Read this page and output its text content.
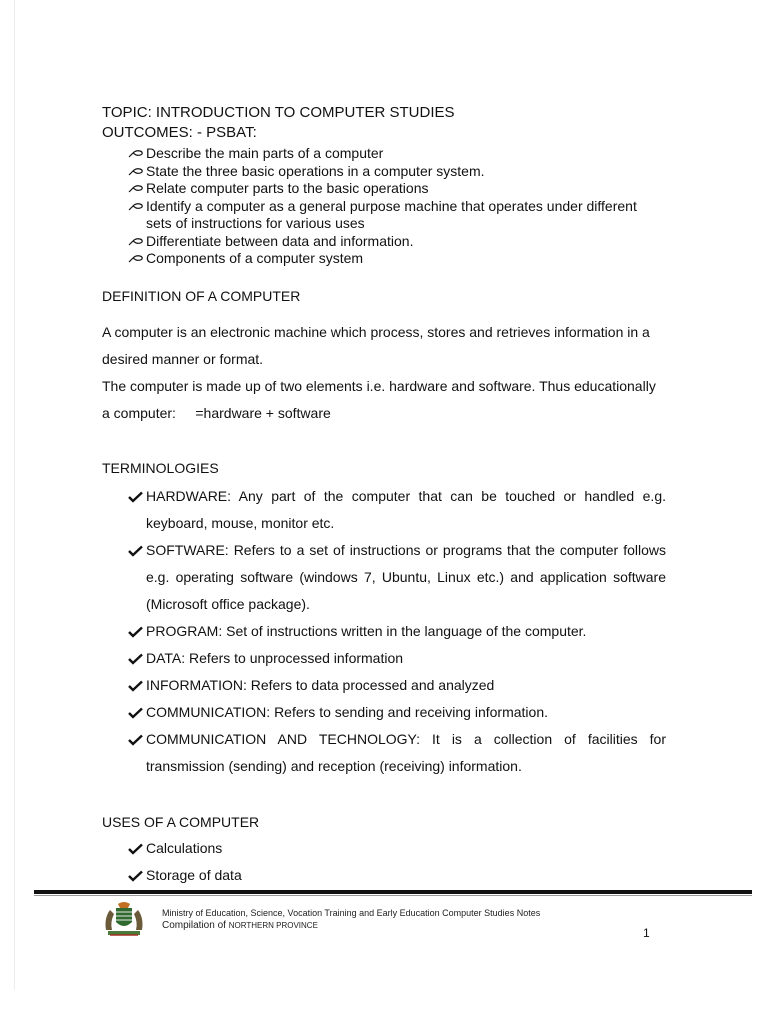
TOPIC: INTRODUCTION TO COMPUTER STUDIES

OUTCOMES: - PSBAT:

Describe the main parts of a computer
State the three basic operations in a computer system.
Relate computer parts to the basic operations
Identify a computer as a general purpose machine that operates under different sets of instructions for various uses
Differentiate between data and information.
Components of a computer system

DEFINITION OF A COMPUTER

A computer is an electronic machine which process, stores and retrieves information in a desired manner or format.

The computer is made up of two elements i.e. hardware and software. Thus educationally a computer:     =hardware + software

TERMINOLOGIES

HARDWARE: Any part of the computer that can be touched or handled e.g. keyboard, mouse, monitor etc.
SOFTWARE: Refers to a set of instructions or programs that the computer follows e.g. operating software (windows 7, Ubuntu, Linux etc.) and application software (Microsoft office package).
PROGRAM: Set of instructions written in the language of the computer.
DATA: Refers to unprocessed information
INFORMATION: Refers to data processed and analyzed
COMMUNICATION: Refers to sending and receiving information.
COMMUNICATION AND TECHNOLOGY: It is a collection of facilities for transmission (sending) and reception (receiving) information.

USES OF A COMPUTER

Calculations
Storage of data
Ministry of Education, Science, Vocation Training and Early Education Computer Studies Notes
Compilation of NORTHERN PROVINCE
1
